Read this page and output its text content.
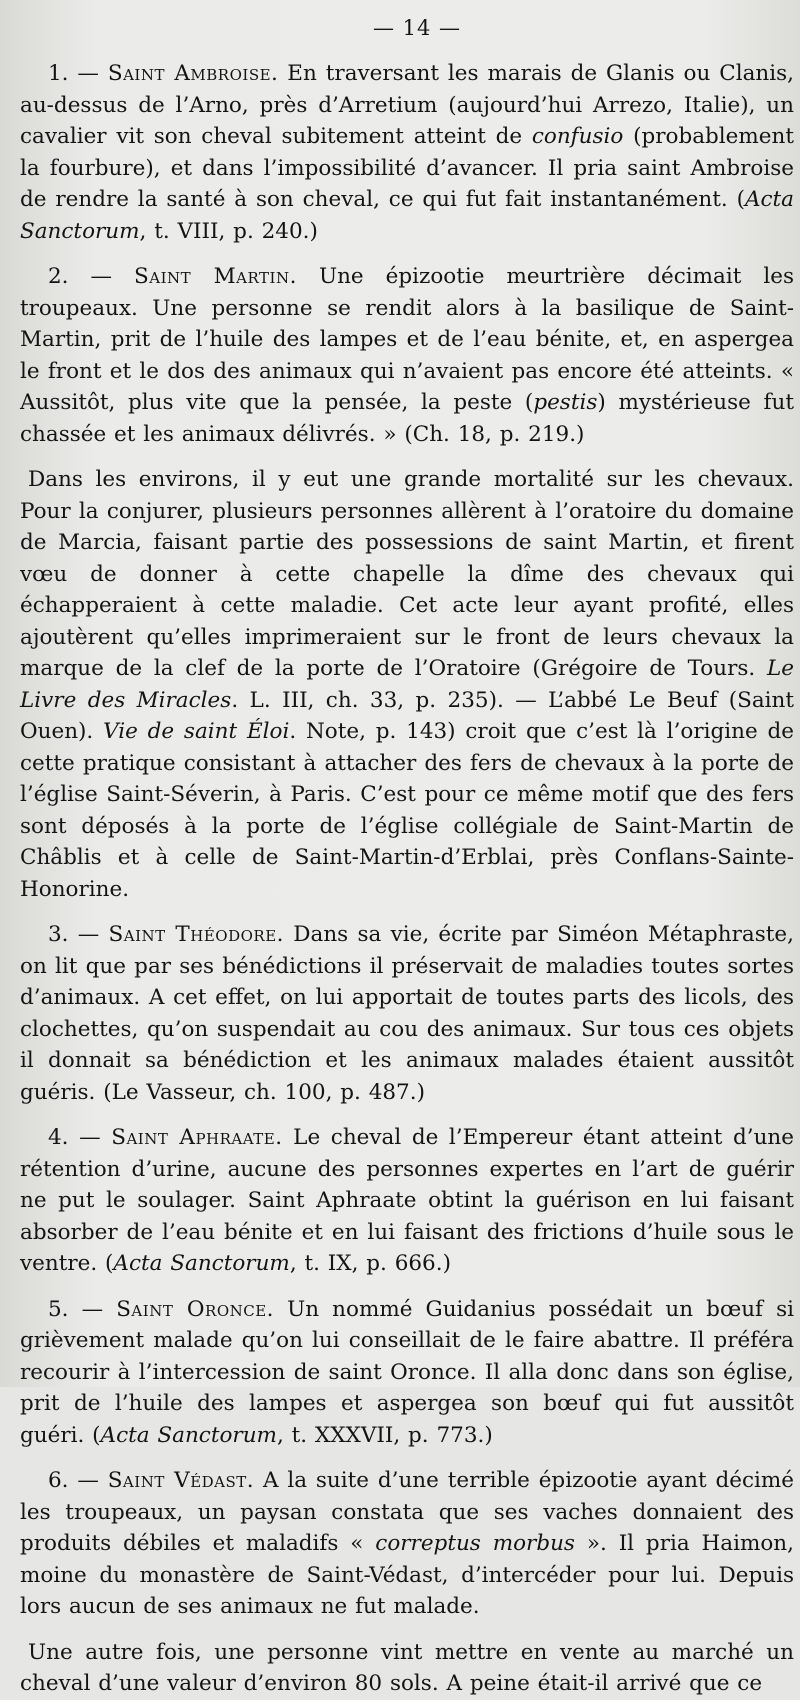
— 14 —

1. — Saint Ambroise. En traversant les marais de Glanis ou Clanis, au-dessus de l’Arno, près d’Arretium (aujourd’hui Arrezo, Italie), un cavalier vit son cheval subitement atteint de confusio (probablement la fourbure), et dans l’impossibilité d’avancer. Il pria saint Ambroise de rendre la santé à son cheval, ce qui fut fait instantanément. (Acta Sanctorum, t. VIII, p. 240.)

2. — Saint Martin. Une épizootie meurtrière décimait les troupeaux. Une personne se rendit alors à la basilique de Saint-Martin, prit de l’huile des lampes et de l’eau bénite, et, en aspergea le front et le dos des animaux qui n’avaient pas encore été atteints. « Aussitôt, plus vite que la pensée, la peste (pestis) mystérieuse fut chassée et les animaux délivrés. » (Ch. 18, p. 219.)

Dans les environs, il y eut une grande mortalité sur les chevaux. Pour la conjurer, plusieurs personnes allèrent à l’oratoire du domaine de Marcia, faisant partie des possessions de saint Martin, et firent vœu de donner à cette chapelle la dîme des chevaux qui échapperaient à cette maladie. Cet acte leur ayant profité, elles ajoutèrent qu’elles imprimeraient sur le front de leurs chevaux la marque de la clef de la porte de l’Oratoire (Grégoire de Tours. Le Livre des Miracles. L. III, ch. 33, p. 235). — L’abbé Le Beuf (Saint Ouen). Vie de saint Éloi. Note, p. 143) croit que c’est là l’origine de cette pratique consistant à attacher des fers de chevaux à la porte de l’église Saint-Séverin, à Paris. C’est pour ce même motif que des fers sont déposés à la porte de l’église collégiale de Saint-Martin de Châblis et à celle de Saint-Martin-d’Erblai, près Conflans-Sainte-Honorine.

3. — Saint Théodore. Dans sa vie, écrite par Siméon Métaphraste, on lit que par ses bénédictions il préservait de maladies toutes sortes d’animaux. A cet effet, on lui apportait de toutes parts des licols, des clochettes, qu’on suspendait au cou des animaux. Sur tous ces objets il donnait sa bénédiction et les animaux malades étaient aussitôt guéris. (Le Vasseur, ch. 100, p. 487.)

4. — Saint Aphraate. Le cheval de l’Empereur étant atteint d’une rétention d’urine, aucune des personnes expertes en l’art de guérir ne put le soulager. Saint Aphraate obtint la guérison en lui faisant absorber de l’eau bénite et en lui faisant des frictions d’huile sous le ventre. (Acta Sanctorum, t. IX, p. 666.)

5. — Saint Oronce. Un nommé Guidanius possédait un bœuf si grièvement malade qu’on lui conseillait de le faire abattre. Il préféra recourir à l’intercession de saint Oronce. Il alla donc dans son église, prit de l’huile des lampes et aspergea son bœuf qui fut aussitôt guéri. (Acta Sanctorum, t. XXXVII, p. 773.)

6. — Saint Védast. A la suite d’une terrible épizootie ayant décimé les troupeaux, un paysan constata que ses vaches donnaient des produits débiles et maladifs « correptus morbus ». Il pria Haimon, moine du monastère de Saint-Védast, d’intercéder pour lui. Depuis lors aucun de ses animaux ne fut malade.

Une autre fois, une personne vint mettre en vente au marché un cheval d’une valeur d’environ 80 sols. A peine était-il arrivé que ce
